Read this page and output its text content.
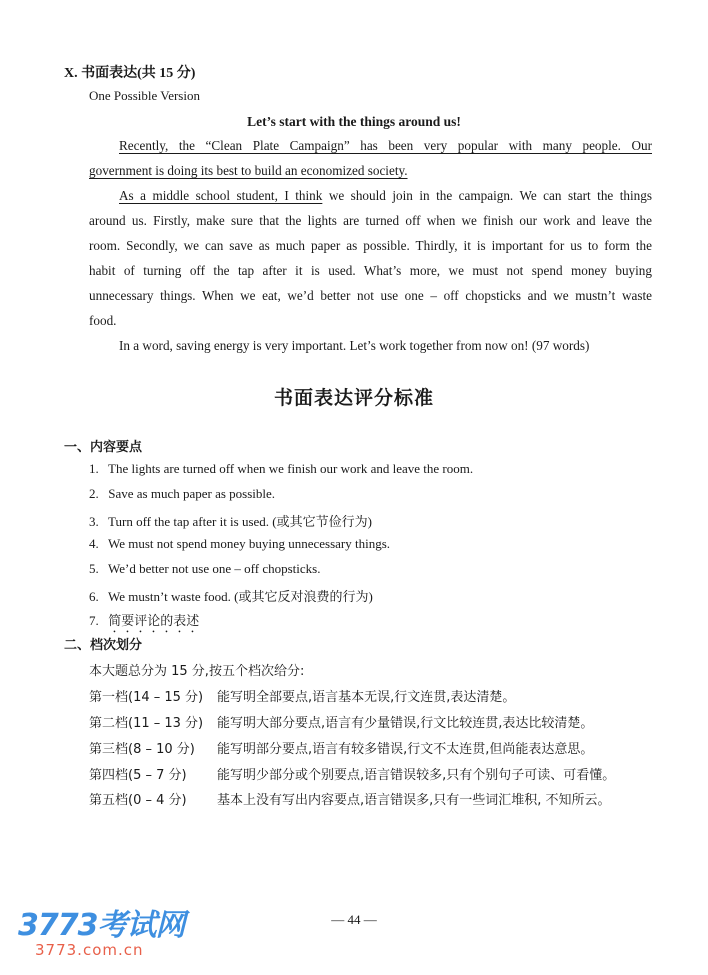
X. 书面表达(共 15 分)
One Possible Version
Let’s start with the things around us!
Recently, the “Clean Plate Campaign” has been very popular with many people. Our
government is doing its best to build an economized society.
As a middle school student, I think we should join in the campaign. We can start the things
around us. Firstly, make sure that the lights are turned off when we finish our work and leave the
room. Secondly, we can save as much paper as possible. Thirdly, it is important for us to form the
habit of turning off the tap after it is used. What’s more, we must not spend money buying
unnecessary things. When we eat, we’d better not use one – off chopsticks and we mustn’t waste
food.
In a word, saving energy is very important. Let’s work together from now on! (97 words)
书面表达评分标准
一、内容要点
1. The lights are turned off when we finish our work and leave the room.
2. Save as much paper as possible.
3. Turn off the tap after it is used. (或其它节俭行为)
4. We must not spend money buying unnecessary things.
5. We’d better not use one – off chopsticks.
6. We mustn’t waste food. (或其它反对浪费的行为)
7. 简要评论的表述
二、档次划分
本大题总分为 15 分,按五个档次给分:
第一档(14 – 15 分) 能写明全部要点,语言基本无误,行文连贯,表达清楚。
第二档(11 – 13 分) 能写明大部分要点,语言有少量错误,行文比较连贯,表达比较清楚。
第三档(8 – 10 分) 能写明部分要点,语言有较多错误,行文不太连贯,但尚能表达意思。
第四档(5 – 7 分) 能写明少部分或个别要点,语言错误较多,只有个别句子可读、可看懂。
第五档(0 – 4 分) 基本上没有写出内容要点,语言错误多,只有一些词汇堆积, 不知所云。
— 44 —
3773考试网
3773.com.cn
